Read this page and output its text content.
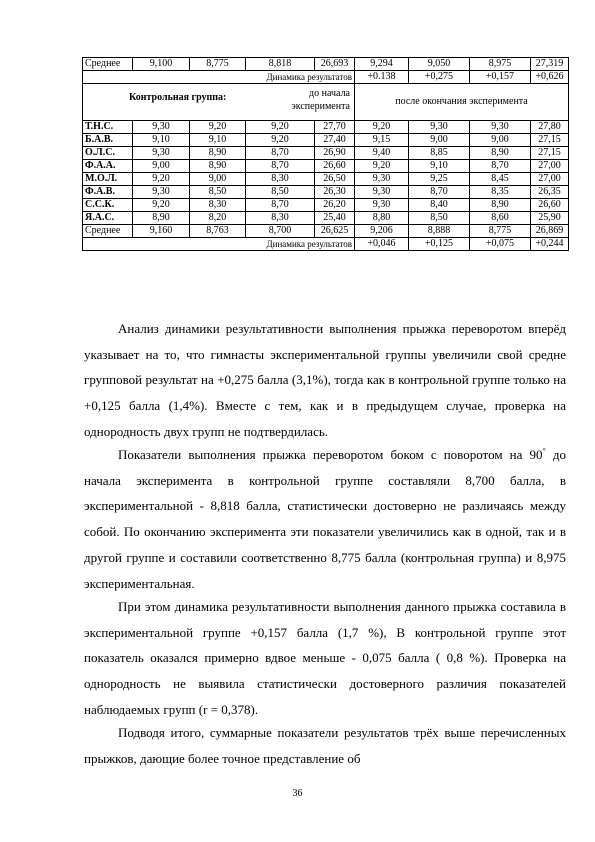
Среднее	9,100	8,775	8,818	26,693	9,294	9,050	8,975	27,319
Динамика результатов					+0.138	+0,275	+0,157	+0,626

Контрольная группа: до начала эксперимента					после окончания эксперимента			
Т.Н.С.	9,30	9,20	9,20	27,70	9,20	9,30	9,30	27,80
Б.А.В.	9,10	9,10	9,20	27,40	9,15	9,00	9,00	27,15
О.Л.С.	9,30	8,90	8,70	26,90	9,40	8,85	8,90	27,15
Ф.А.А.	9,00	8,90	8,70	26,60	9,20	9,10	8,70	27,00
М.О.Л.	9,20	9,00	8,30	26,50	9,30	9,25	8,45	27,00
Ф.А.В.	9,30	8,50	8,50	26,30	9,30	8,70	8,35	26,35
С.С.К.	9,20	8,30	8,70	26,20	9,30	8,40	8,90	26,60
Я.А.С.	8,90	8,20	8,30	25,40	8,80	8,50	8,60	25,90
Среднее	9,160	8,763	8,700	26,625	9,206	8,888	8,775	26,869
Динамика результатов					+0,046	+0,125	+0,075	+0,244

Анализ динамики результативности выполнения прыжка переворотом вперёд указывает на то, что гимнасты экспериментальной группы увеличили свой средне групповой результат на +0,275 балла (3,1%), тогда как в контрольной группе только на +0,125 балла (1,4%). Вместе с тем, как и в предыдущем случае, проверка на однородность двух групп не подтвердилась.

Показатели выполнения прыжка переворотом боком с поворотом на 90° до начала эксперимента в контрольной группе составляли 8,700 балла, в экспериментальной - 8,818 балла, статистически достоверно не различаясь между собой. По окончанию эксперимента эти показатели увеличились как в одной, так и в другой группе и составили соответственно 8,775 балла (контрольная группа) и 8,975 экспериментальная.

При этом динамика результативности выполнения данного прыжка составила в экспериментальной группе +0,157 балла (1,7 %), В контрольной группе этот показатель оказался примерно вдвое меньше - 0,075 балла ( 0,8 %). Проверка на однородность не выявила статистически достоверного различия показателей наблюдаемых групп (r = 0,378).

Подводя итого, суммарные показатели результатов трёх выше перечисленных прыжков, дающие более точное представление об

36
